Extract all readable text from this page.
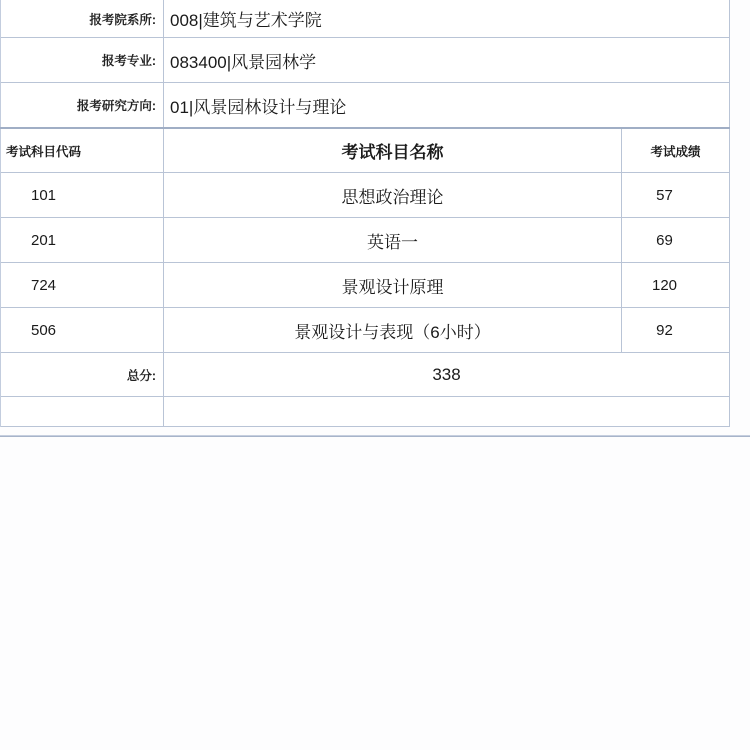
报考院系所: 008|建筑与艺术学院
报考专业: 083400|风景园林学
报考研究方向: 01|风景园林设计与理论
考试科目代码	考试科目名称	考试成绩
101	思想政治理论	57
201	英语一	69
724	景观设计原理	120
506	景观设计与表现（6小时）	92
总分:	338
